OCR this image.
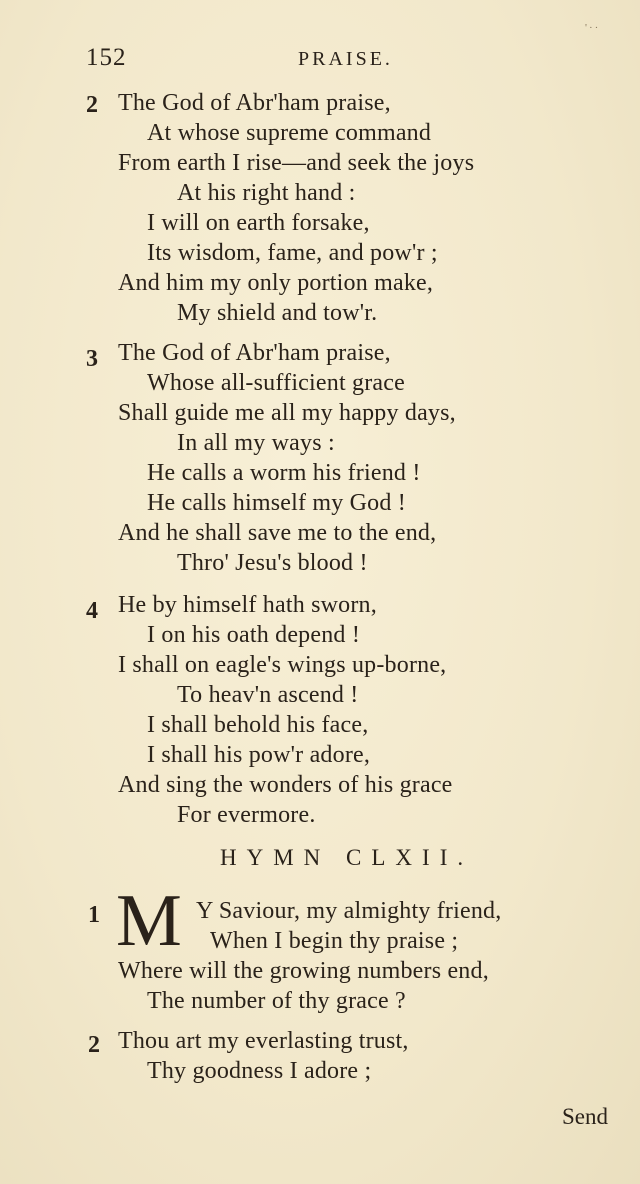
'··
152	PRAISE.
2 The God of Abr'ham praise,
At whose supreme command
From earth I rise—and seek the joys
At his right hand :
I will on earth forsake,
Its wisdom, fame, and pow'r ;
And him my only portion make,
My shield and tow'r.
3 The God of Abr'ham praise,
Whose all-sufficient grace
Shall guide me all my happy days,
In all my ways :
He calls a worm his friend !
He calls himself my God !
And he shall save me to the end,
Thro' Jesu's blood !
4 He by himself hath sworn,
I on his oath depend !
I shall on eagle's wings up-borne,
To heav'n ascend !
I shall behold his face,
I shall his pow'r adore,
And sing the wonders of his grace
For evermore.
HYMN CLXII.
1 M Y Saviour, my almighty friend,
When I begin thy praise ;
Where will the growing numbers end,
The number of thy grace ?
2 Thou art my everlasting trust,
Thy goodness I adore ;
Send
